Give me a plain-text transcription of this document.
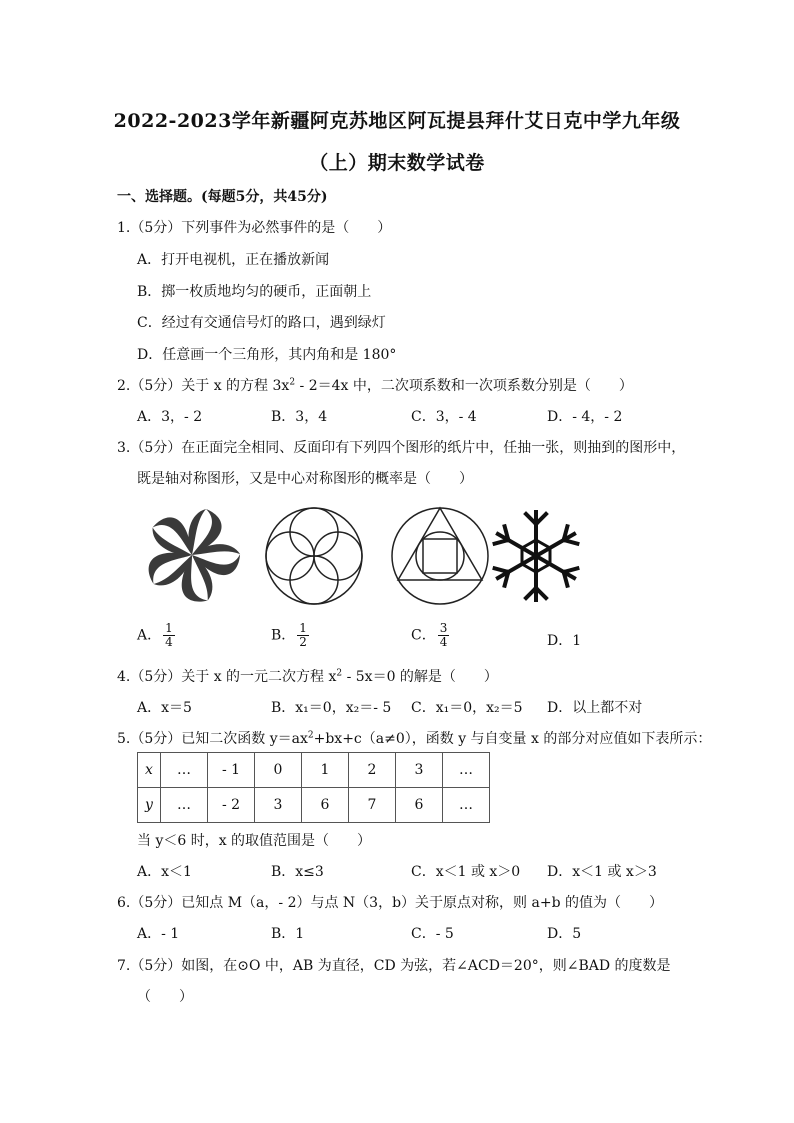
2022-2023学年新疆阿克苏地区阿瓦提县拜什艾日克中学九年级
（上）期末数学试卷
一、选择题。(每题5分，共45分)
1.（5分）下列事件为必然事件的是（　　）
A．打开电视机，正在播放新闻
B．掷一枚质地均匀的硬币，正面朝上
C．经过有交通信号灯的路口，遇到绿灯
D．任意画一个三角形，其内角和是 180°
2.（5分）关于 x 的方程 $3x^2 - 2=4x$ 中，二次项系数和一次项系数分别是（　　）
A．3，- 2	B．3，4	C．3，- 4	D．- 4，- 2
3.（5分）在正面完全相同、反面印有下列四个图形的纸片中，任抽一张，则抽到的图形中，
既是轴对称图形，又是中心对称图形的概率是（　　）
A． $\frac{1}{4}$	B． $\frac{1}{2}$	C． $\frac{3}{4}$	D．1
4.（5分）关于 x 的一元二次方程 $x^2 - 5x=0$ 的解是（　　）
A．x＝5	B．x₁＝0，x₂＝- 5 C．x₁＝0，x₂＝5 D．以上都不对
5.（5分）已知二次函数 $y=ax^2+bx+c(a\ne 0)$，函数 y 与自变量 x 的部分对应值如下表所示：
x	…	- 1	0	1	2	3	…
y	…	- 2	3	6	7	6	…
当 y＜6 时，x 的取值范围是（　　）
A．x＜1	B．x≤3	C．x＜1 或 x＞0 D．x＜1 或 x＞3
6.（5分）已知点 M（a，- 2）与点 N（3，b）关于原点对称，则 a+b 的值为（　　）
A．- 1	B．1	C．- 5	D．5
7.（5分）如图，在⊙O 中，AB 为直径，CD 为弦，若∠ACD＝20°，则∠BAD 的度数是
（　　）
